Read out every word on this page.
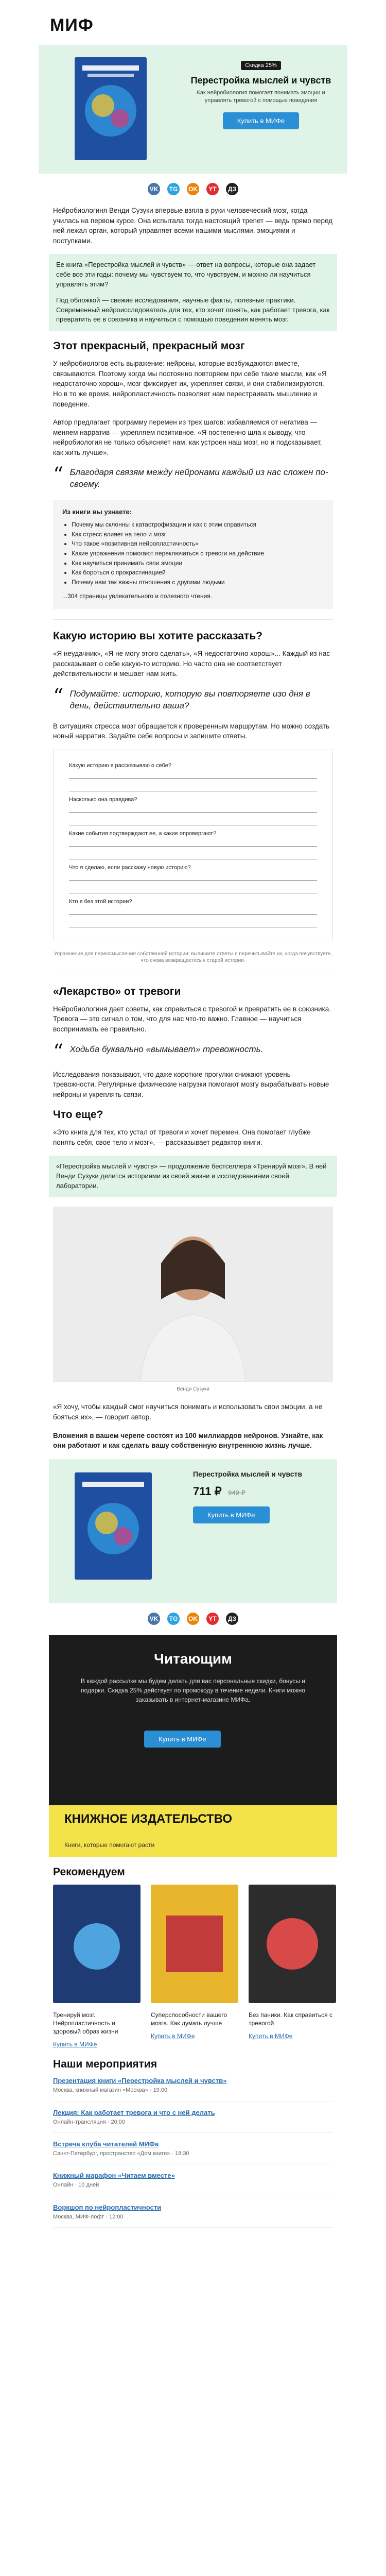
МИФ
Скидка 25%
Перестройка мыслей и чувств

Как нейробиология помогает понимать эмоции и управлять тревогой с помощью поведения

Купить в МИФе
VK	TG	OK	YT	ДЗ

Нейробиологиня Венди Сузуки впервые взяла в руки человеческий мозг, когда училась на первом курсе. Она испытала тогда настоящий трепет — ведь прямо перед ней лежал орган, который управляет всеми нашими мыслями, эмоциями и поступками.

Ее книга «Перестройка мыслей и чувств» — ответ на вопросы, которые она задает себе все эти годы: почему мы чувствуем то, что чувствуем, и можно ли научиться управлять этим?

Под обложкой — свежие исследования, научные факты, полезные практики. Современный нейроисследователь для тех, кто хочет понять, как работает тревога, как превратить ее в союзника и научиться с помощью поведения менять мозг.

Этот прекрасный, прекрасный мозг

У нейробиологов есть выражение: нейроны, которые возбуждаются вместе, связываются. Поэтому когда мы постоянно повторяем при себе такие мысли, как «Я недостаточно хорош», мозг фиксирует их, укрепляет связи, и они стабилизируются. Но в то же время, нейропластичность позволяет нам перестраивать мышление и поведение.

Автор предлагает программу перемен из трех шагов: избавляемся от негатива — меняем нарратив — укрепляем позитивное. «Я постепенно шла к выводу, что нейробиология не только объясняет нам, как устроен наш мозг, но и подсказывает, как жить лучше».

“ Благодаря связям между нейронами каждый из нас сложен по-своему.
Из книги вы узнаете:
• Почему мы склонны к катастрофизации и как с этим справиться
• Как стресс влияет на тело и мозг
• Что такое «позитивная нейропластичность»
• Какие упражнения помогают переключаться с тревоги на действие
• Как научиться принимать свои эмоции
• Как бороться с прокрастинацией
• Почему нам так важны отношения с другими людьми
...304 страницы увлекательного и полезного чтения.
Какую историю вы хотите рассказать?

«Я неудачник», «Я не могу этого сделать», «Я недостаточно хорош»... Каждый из нас рассказывает о себе какую-то историю. Но часто она не соответствует действительности и мешает нам жить.

“ Подумайте: историю, которую вы повторяете изо дня в день, действительно ваша?

В ситуациях стресса мозг обращается к проверенным маршрутам. Но можно создать новый нарратив. Задайте себе вопросы и запишите ответы.

Какую историю я рассказываю о себе?
Насколько она правдива?
Какие события подтверждают ее, а какие опровергают?
Что я сделаю, если расскажу новую историю?
Кто я без этой истории?

Упражнение для переосмысления собственной истории: выпишите ответы и перечитывайте их, когда почувствуете, что снова возвращаетесь к старой истории.

«Лекарство» от тревоги

Нейробиологиня дает советы, как справиться с тревогой и превратить ее в союзника. Тревога — это сигнал о том, что для нас что-то важно. Главное — научиться воспринимать ее правильно.

“ Ходьба буквально «вымывает» тревожность.

Исследования показывают, что даже короткие прогулки снижают уровень тревожности. Регулярные физические нагрузки помогают мозгу вырабатывать новые нейроны и укреплять связи.

Что еще?

«Это книга для тех, кто устал от тревоги и хочет перемен. Она помогает глубже понять себя, свое тело и мозг», — рассказывает редактор книги.

«Перестройка мыслей и чувств» — продолжение бестселлера «Тренируй мозг». В ней Венди Сузуки делится историями из своей жизни и исследованиями своей лаборатории.

Венди Сузуки

«Я хочу, чтобы каждый смог научиться понимать и использовать свои эмоции, а не бояться их», — говорит автор.

Вложения в вашем черепе состоят из 100 миллиардов нейронов. Узнайте, как они работают и как сделать вашу собственную внутреннюю жизнь лучше.

Перестройка мыслей и чувств
711 ₽ 949 ₽
Купить в МИФе
VK	TG	OK	YT	ДЗ
Читающим
В каждой рассылке мы будем делать для вас персональные скидки, бонусы и подарки. Скидка 25% действует по промокоду в течение недели. Книги можно заказывать в интернет-магазине МИФа.
Купить в МИФе
КНИЖНОЕ ИЗДАТЕЛЬСТВО
Книги, которые помогают расти
Рекомендуем
Тренируй мозг. Нейропластичность и здоровый образ жизни
Купить в МИФе
Суперспособности вашего мозга. Как думать лучше
Купить в МИФе
Без паники. Как справиться с тревогой
Купить в МИФе
Наши мероприятия
Презентация книги «Перестройка мыслей и чувств»
Москва, книжный магазин «Москва» · 19:00
Лекция: Как работает тревога и что с ней делать
Онлайн-трансляция · 20:00
Встреча клуба читателей МИФа
Санкт-Петербург, пространство «Дом книги» · 18:30
Книжный марафон «Читаем вместе»
Онлайн · 10 дней
Воркшоп по нейропластичности
Москва, МИФ-лофт · 12:00
